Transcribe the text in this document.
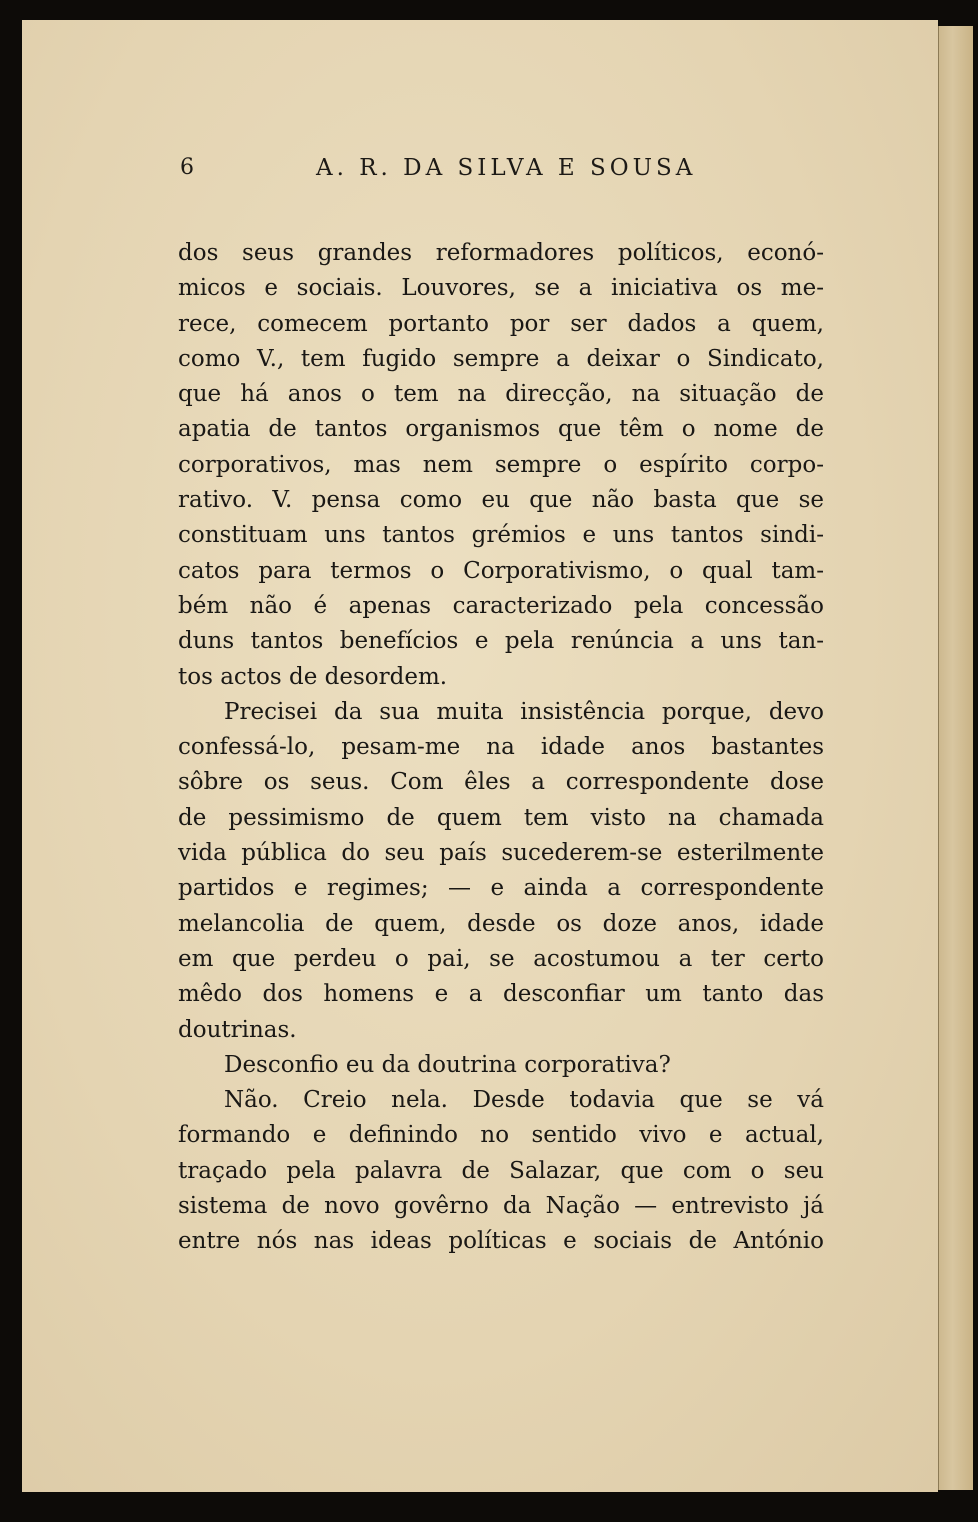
6	A. R. DA SILVA E SOUSA
dos seus grandes reformadores políticos, econó-
micos e sociais. Louvores, se a iniciativa os me-
rece, comecem portanto por ser dados a quem,
como V., tem fugido sempre a deixar o Sindicato,
que há anos o tem na direcção, na situação de
apatia de tantos organismos que têm o nome de
corporativos, mas nem sempre o espírito corpo-
rativo. V. pensa como eu que não basta que se
constituam uns tantos grémios e uns tantos sindi-
catos para termos o Corporativismo, o qual tam-
bém não é apenas caracterizado pela concessão
duns tantos benefícios e pela renúncia a uns tan-
tos actos de desordem.
Precisei da sua muita insistência porque, devo
confessá-lo, pesam-me na idade anos bastantes
sôbre os seus. Com êles a correspondente dose
de pessimismo de quem tem visto na chamada
vida pública do seu país sucederem-se esterilmente
partidos e regimes; — e ainda a correspondente
melancolia de quem, desde os doze anos, idade
em que perdeu o pai, se acostumou a ter certo
mêdo dos homens e a desconfiar um tanto das
doutrinas.
Desconfio eu da doutrina corporativa?
Não. Creio nela. Desde todavia que se vá
formando e definindo no sentido vivo e actual,
traçado pela palavra de Salazar, que com o seu
sistema de novo govêrno da Nação — entrevisto já
entre nós nas ideas políticas e sociais de António
